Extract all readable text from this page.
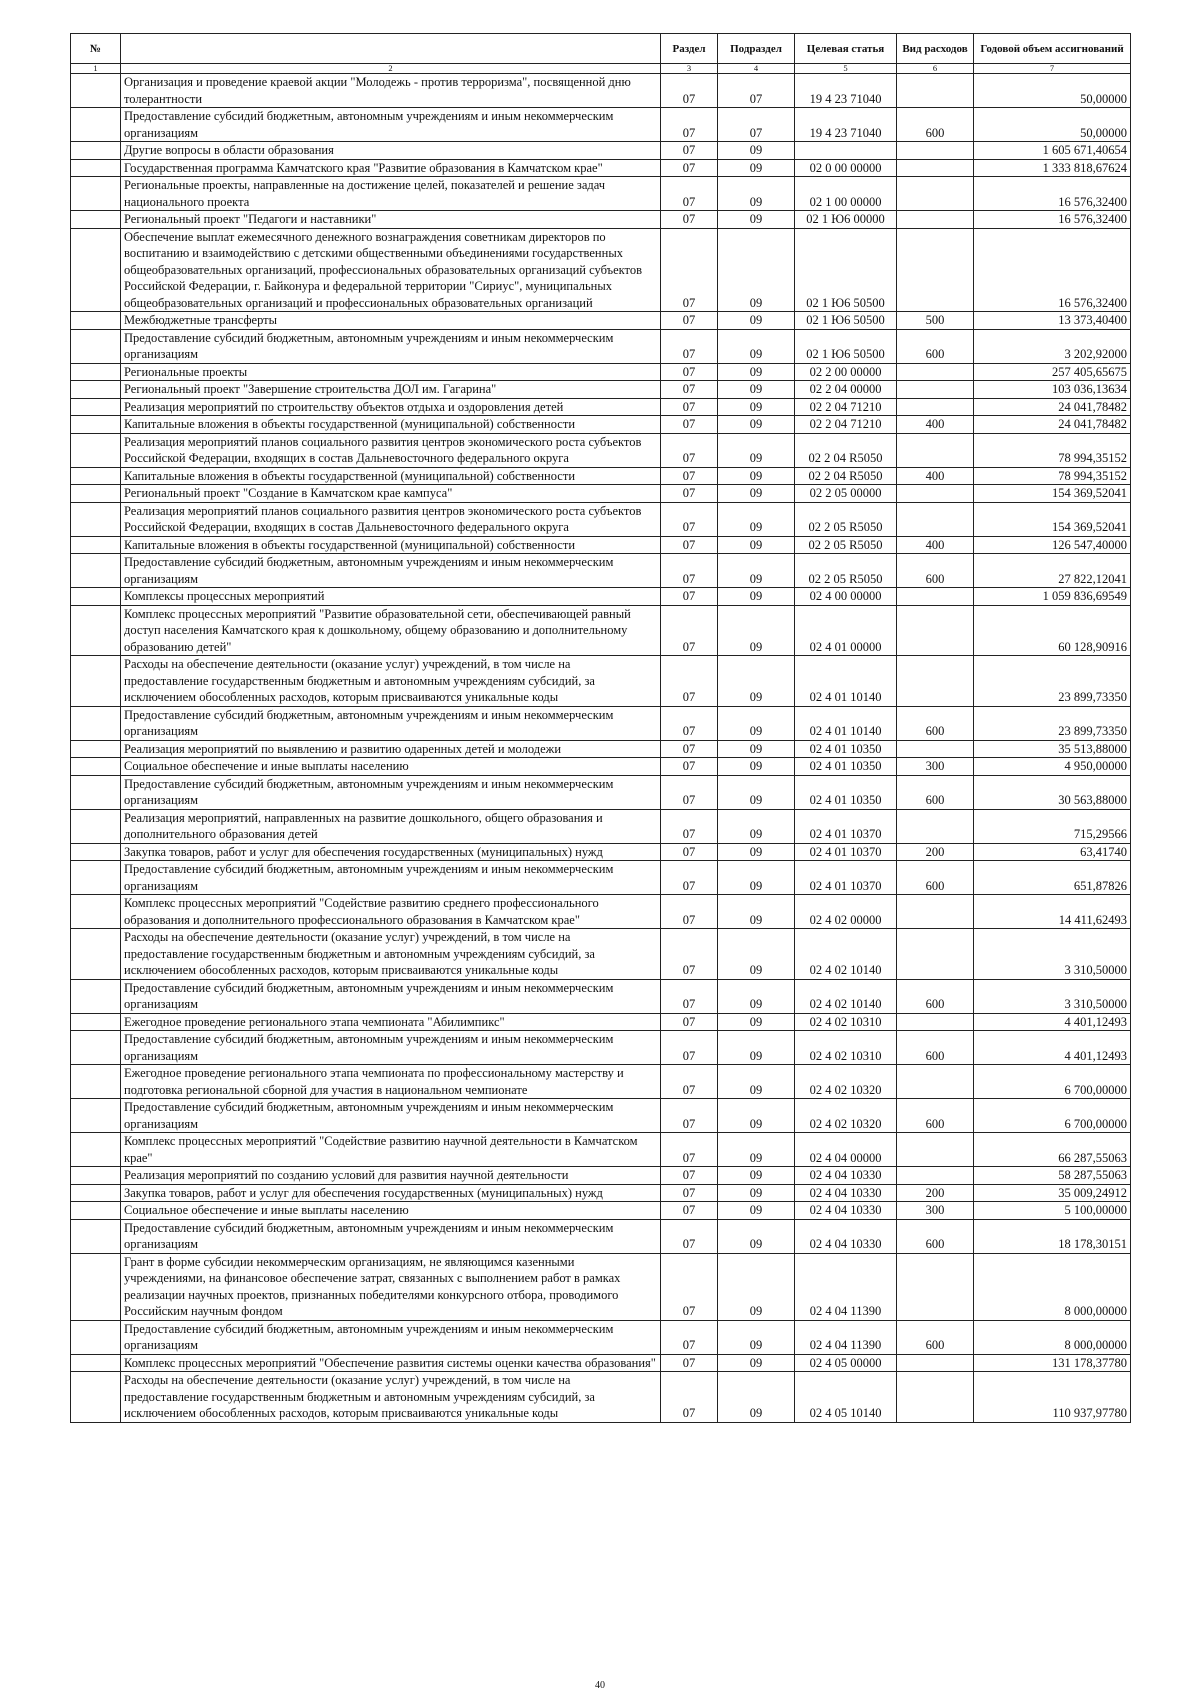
№		Раздел	Подраздел	Целевая статья	Вид расходов	Годовой объем ассигнований
1	2	3	4	5	6	7
	Организация и проведение краевой акции "Молодежь - против терроризма", посвященной дню толерантности	07	07	19 4 23 71040		50,00000
	Предоставление субсидий бюджетным, автономным учреждениям и иным некоммерческим организациям	07	07	19 4 23 71040	600	50,00000
	Другие вопросы в области образования	07	09			1 605 671,40654
	Государственная программа Камчатского края "Развитие образования в Камчатском крае"	07	09	02 0 00 00000		1 333 818,67624
	Региональные проекты, направленные на достижение целей, показателей и решение задач национального проекта	07	09	02 1 00 00000		16 576,32400
	Региональный проект "Педагоги и наставники"	07	09	02 1 Ю6 00000		16 576,32400
	Обеспечение выплат ежемесячного денежного вознаграждения советникам директоров по воспитанию и взаимодействию с детскими общественными объединениями государственных общеобразовательных организаций, профессиональных образовательных организаций субъектов Российской Федерации, г. Байконура и федеральной территории "Сириус", муниципальных общеобразовательных организаций и профессиональных образовательных организаций	07	09	02 1 Ю6 50500		16 576,32400
	Межбюджетные трансферты	07	09	02 1 Ю6 50500	500	13 373,40400
	Предоставление субсидий бюджетным, автономным учреждениям и иным некоммерческим организациям	07	09	02 1 Ю6 50500	600	3 202,92000
	Региональные проекты	07	09	02 2 00 00000		257 405,65675
	Региональный проект "Завершение строительства ДОЛ им. Гагарина"	07	09	02 2 04 00000		103 036,13634
	Реализация мероприятий по строительству объектов отдыха и оздоровления детей	07	09	02 2 04 71210		24 041,78482
	Капитальные вложения в объекты государственной (муниципальной) собственности	07	09	02 2 04 71210	400	24 041,78482
	Реализация мероприятий планов социального развития центров экономического роста субъектов Российской Федерации, входящих в состав Дальневосточного федерального округа	07	09	02 2 04 R5050		78 994,35152
	Капитальные вложения в объекты государственной (муниципальной) собственности	07	09	02 2 04 R5050	400	78 994,35152
	Региональный проект "Создание в Камчатском крае кампуса"	07	09	02 2 05 00000		154 369,52041
	Реализация мероприятий планов социального развития центров экономического роста субъектов Российской Федерации, входящих в состав Дальневосточного федерального округа	07	09	02 2 05 R5050		154 369,52041
	Капитальные вложения в объекты государственной (муниципальной) собственности	07	09	02 2 05 R5050	400	126 547,40000
	Предоставление субсидий бюджетным, автономным учреждениям и иным некоммерческим организациям	07	09	02 2 05 R5050	600	27 822,12041
	Комплексы процессных мероприятий	07	09	02 4 00 00000		1 059 836,69549
	Комплекс процессных мероприятий "Развитие образовательной сети, обеспечивающей равный доступ населения Камчатского края к дошкольному, общему образованию и дополнительному образованию детей"	07	09	02 4 01 00000		60 128,90916
	Расходы на обеспечение деятельности (оказание услуг) учреждений, в том числе на предоставление государственным бюджетным и автономным учреждениям субсидий, за исключением обособленных расходов, которым присваиваются уникальные коды	07	09	02 4 01 10140		23 899,73350
	Предоставление субсидий бюджетным, автономным учреждениям и иным некоммерческим организациям	07	09	02 4 01 10140	600	23 899,73350
	Реализация мероприятий по выявлению и развитию одаренных детей и молодежи	07	09	02 4 01 10350		35 513,88000
	Социальное обеспечение и иные выплаты населению	07	09	02 4 01 10350	300	4 950,00000
	Предоставление субсидий бюджетным, автономным учреждениям и иным некоммерческим организациям	07	09	02 4 01 10350	600	30 563,88000
	Реализация мероприятий, направленных на развитие дошкольного, общего образования и дополнительного образования детей	07	09	02 4 01 10370		715,29566
	Закупка товаров, работ и услуг для обеспечения государственных (муниципальных) нужд	07	09	02 4 01 10370	200	63,41740
	Предоставление субсидий бюджетным, автономным учреждениям и иным некоммерческим организациям	07	09	02 4 01 10370	600	651,87826
	Комплекс процессных мероприятий "Содействие развитию среднего профессионального образования и дополнительного профессионального образования в Камчатском крае"	07	09	02 4 02 00000		14 411,62493
	Расходы на обеспечение деятельности (оказание услуг) учреждений, в том числе на предоставление государственным бюджетным и автономным учреждениям субсидий, за исключением обособленных расходов, которым присваиваются уникальные коды	07	09	02 4 02 10140		3 310,50000
	Предоставление субсидий бюджетным, автономным учреждениям и иным некоммерческим организациям	07	09	02 4 02 10140	600	3 310,50000
	Ежегодное проведение регионального этапа чемпионата "Абилимпикс"	07	09	02 4 02 10310		4 401,12493
	Предоставление субсидий бюджетным, автономным учреждениям и иным некоммерческим организациям	07	09	02 4 02 10310	600	4 401,12493
	Ежегодное проведение регионального этапа чемпионата по профессиональному мастерству и подготовка региональной сборной для участия в национальном чемпионате	07	09	02 4 02 10320		6 700,00000
	Предоставление субсидий бюджетным, автономным учреждениям и иным некоммерческим организациям	07	09	02 4 02 10320	600	6 700,00000
	Комплекс процессных мероприятий "Содействие развитию научной деятельности в Камчатском крае"	07	09	02 4 04 00000		66 287,55063
	Реализация мероприятий по созданию условий для развития научной деятельности	07	09	02 4 04 10330		58 287,55063
	Закупка товаров, работ и услуг для обеспечения государственных (муниципальных) нужд	07	09	02 4 04 10330	200	35 009,24912
	Социальное обеспечение и иные выплаты населению	07	09	02 4 04 10330	300	5 100,00000
	Предоставление субсидий бюджетным, автономным учреждениям и иным некоммерческим организациям	07	09	02 4 04 10330	600	18 178,30151
	Грант в форме субсидии некоммерческим организациям, не являющимся казенными учреждениями, на финансовое обеспечение затрат, связанных с выполнением работ в рамках реализации научных проектов, признанных победителями конкурсного отбора, проводимого Российским научным фондом	07	09	02 4 04 11390		8 000,00000
	Предоставление субсидий бюджетным, автономным учреждениям и иным некоммерческим организациям	07	09	02 4 04 11390	600	8 000,00000
	Комплекс процессных мероприятий "Обеспечение развития системы оценки качества образования"	07	09	02 4 05 00000		131 178,37780
	Расходы на обеспечение деятельности (оказание услуг) учреждений, в том числе на предоставление государственным бюджетным и автономным учреждениям субсидий, за исключением обособленных расходов, которым присваиваются уникальные коды	07	09	02 4 05 10140		110 937,97780
40
